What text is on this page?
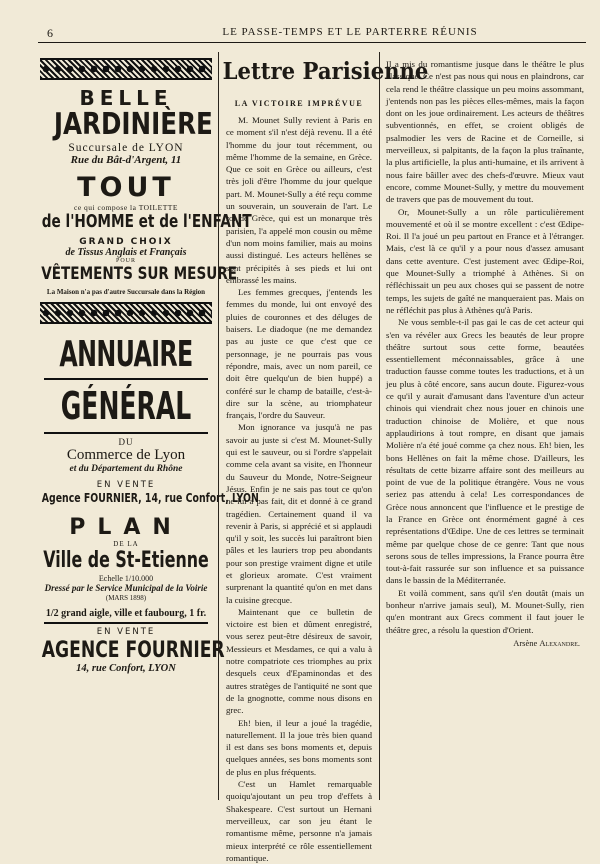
6	LE PASSE-TEMPS ET LE PARTERRE RÉUNIS
BELLE
JARDINIÈRE
Succursale de LYON
Rue du Bât-d'Argent, 11
TOUT
ce qui compose la TOILETTE
de l'HOMME et de l'ENFANT
GRAND CHOIX
de Tissus Anglais et Français
POUR
VÊTEMENTS SUR MESURE
La Maison n'a pas d'autre Succursale dans la Région
ANNUAIRE
GÉNÉRAL
DU
Commerce de Lyon
et du Département du Rhône
EN VENTE
Agence FOURNIER, 14, rue Confort, LYON
PLAN
DE LA
Ville de St-Etienne
Echelle 1/10.000
Dressé par le Service Municipal de la Voirie
(MARS 1898)
1/2 grand aigle, ville et faubourg, 1 fr.
EN VENTE
AGENCE FOURNIER
14, rue Confort, LYON
Lettre Parisienne
LA VICTOIRE IMPRÉVUE

M. Mounet Sully revient à Paris en ce moment s'il n'est déjà revenu. Il a été l'homme du jour tout récemment, ou même l'homme de la semaine, en Grèce. Que ce soit en Grèce ou ailleurs, c'est très joli d'être l'homme du jour quelque part. M. Mounet-Sully a été reçu comme un souverain, un souverain de l'art. Le roi de Grèce, qui est un monarque très parisien, l'a appelé mon cousin ou même d'un nom moins familier, mais au moins aussi distingué. Les acteurs hellènes se sont précipités à ses pieds et lui ont embrassé les mains.

Les femmes grecques, j'entends les femmes du monde, lui ont envoyé des pluies de couronnes et des déluges de baisers. Le diadoque (ne me demandez pas au juste ce que c'est que ce personnage, je ne pourrais pas vous répondre, mais, avec un nom pareil, ce doit être quelqu'un de bien huppé) a conféré sur le champ de bataille, c'est-à-dire sur la scène, au triomphateur français, l'ordre du Sauveur.

Mon ignorance va jusqu'à ne pas savoir au juste si c'est M. Mounet-Sully qui est le sauveur, ou si l'ordre s'appelait comme cela avant sa visite, en l'honneur du Sauveur du Monde, Notre-Seigneur Jésus. Enfin je ne sais pas tout ce qu'on ne lui a pas fait, dit et donné à ce grand tragédien. Certainement quand il va revenir à Paris, si apprécié et si applaudi qu'il y soit, les succès lui paraîtront bien pâles et les lauriers trop peu abondants pour son prestige vraiment digne et utile et glorieux aromate. C'est vraiment surprenant la quantité qu'on en met dans la cuisine grecque.

Maintenant que ce bulletin de victoire est bien et dûment enregistré, vous serez peut-être désireux de savoir, Messieurs et Mesdames, ce qui a valu à notre compatriote ces triomphes au prix desquels ceux d'Epaminondas et des autres stratèges de l'antiquité ne sont que de la gnognotte, comme nous disons en grec.

Eh! bien, il leur a joué la tragédie, naturellement. Il la joue très bien quand il est dans ses bons moments et, depuis quelques années, ses bons moments sont de plus en plus fréquents.

C'est un Hamlet remarquable quoiqu'ajoutant un peu trop d'effets à Shakespeare. C'est surtout un Hernani merveilleux, car son jeu étant le romantisme même, personne n'a jamais mieux interprété ce rôle essentiellement romantique.

Il a mis du romantisme jusque dans le théâtre le plus classique. Ce n'est pas nous qui nous en plaindrons, car cela rend le théâtre classique un peu moins assommant, j'entends non pas les pièces elles-mêmes, mais la façon dont on les joue ordinairement. Les acteurs de théâtres subventionnés, en effet, se croient obligés de psalmodier les vers de Racine et de Corneille, si merveilleux, si palpitants, de la façon la plus traînante, la plus artificielle, la plus anti-humaine, et ils arrivent à nous faire bâiller avec des chefs-d'œuvre. Mieux vaut encore, comme Mounet-Sully, y mettre du mouvement de travers que pas de mouvement du tout.

Or, Mounet-Sully a un rôle particulièrement mouvementé et où il se montre excellent : c'est Œdipe-Roi. Il l'a joué un peu partout en France et à l'étranger. Mais, c'est là ce qu'il y a pour nous d'assez amusant dans cette aventure. C'est justement avec Œdipe-Roi, que Mounet-Sully a triomphé à Athènes. Si on réfléchissait un peu aux choses qui se passent de notre temps, les sujets de gaîté ne manqueraient pas. Mais on ne réfléchit pas plus à Athènes qu'à Paris.

Ne vous semble-t-il pas gai le cas de cet acteur qui s'en va révéler aux Grecs les beautés de leur propre théâtre surtout sous cette forme, beautées essentiellement méconnaissables, grâce à une traduction fausse comme toutes les traductions, et à un jeu plus à côté encore, sans aucun doute. Figurez-vous ce qu'il y aurait d'amusant dans l'aventure d'un acteur chinois qui viendrait chez nous jouer en chinois une traduction chinoise de Molière, et que nous applaudirions à tout rompre, en disant que jamais Molière n'a été joué comme ça chez nous. Eh! bien, les bons Hellènes on fait la même chose. D'ailleurs, les résultats de cette bizarre affaire sont des meilleurs au point de vue de la politique étrangère. Vous ne vous seriez pas attendu à cela! Les correspondances de Grèce nous annoncent que l'influence et le prestige de la France en Grèce ont énormément gagné à ces représentations d'Œdipe. Une de ces lettres se terminait même par quelque chose de ce genre: Tant que nous serons sous de telles impressions, la France pourra être tout-à-fait rassurée sur son influence et sa puissance dans le bassin de la Méditerranée.

Et voilà comment, sans qu'il s'en doutât (mais un bonheur n'arrive jamais seul), M. Mounet-Sully, rien qu'en montrant aux Grecs comment il faut jouer le théâtre grec, a résolu la question d'Orient.

Arsène Alexandre.
